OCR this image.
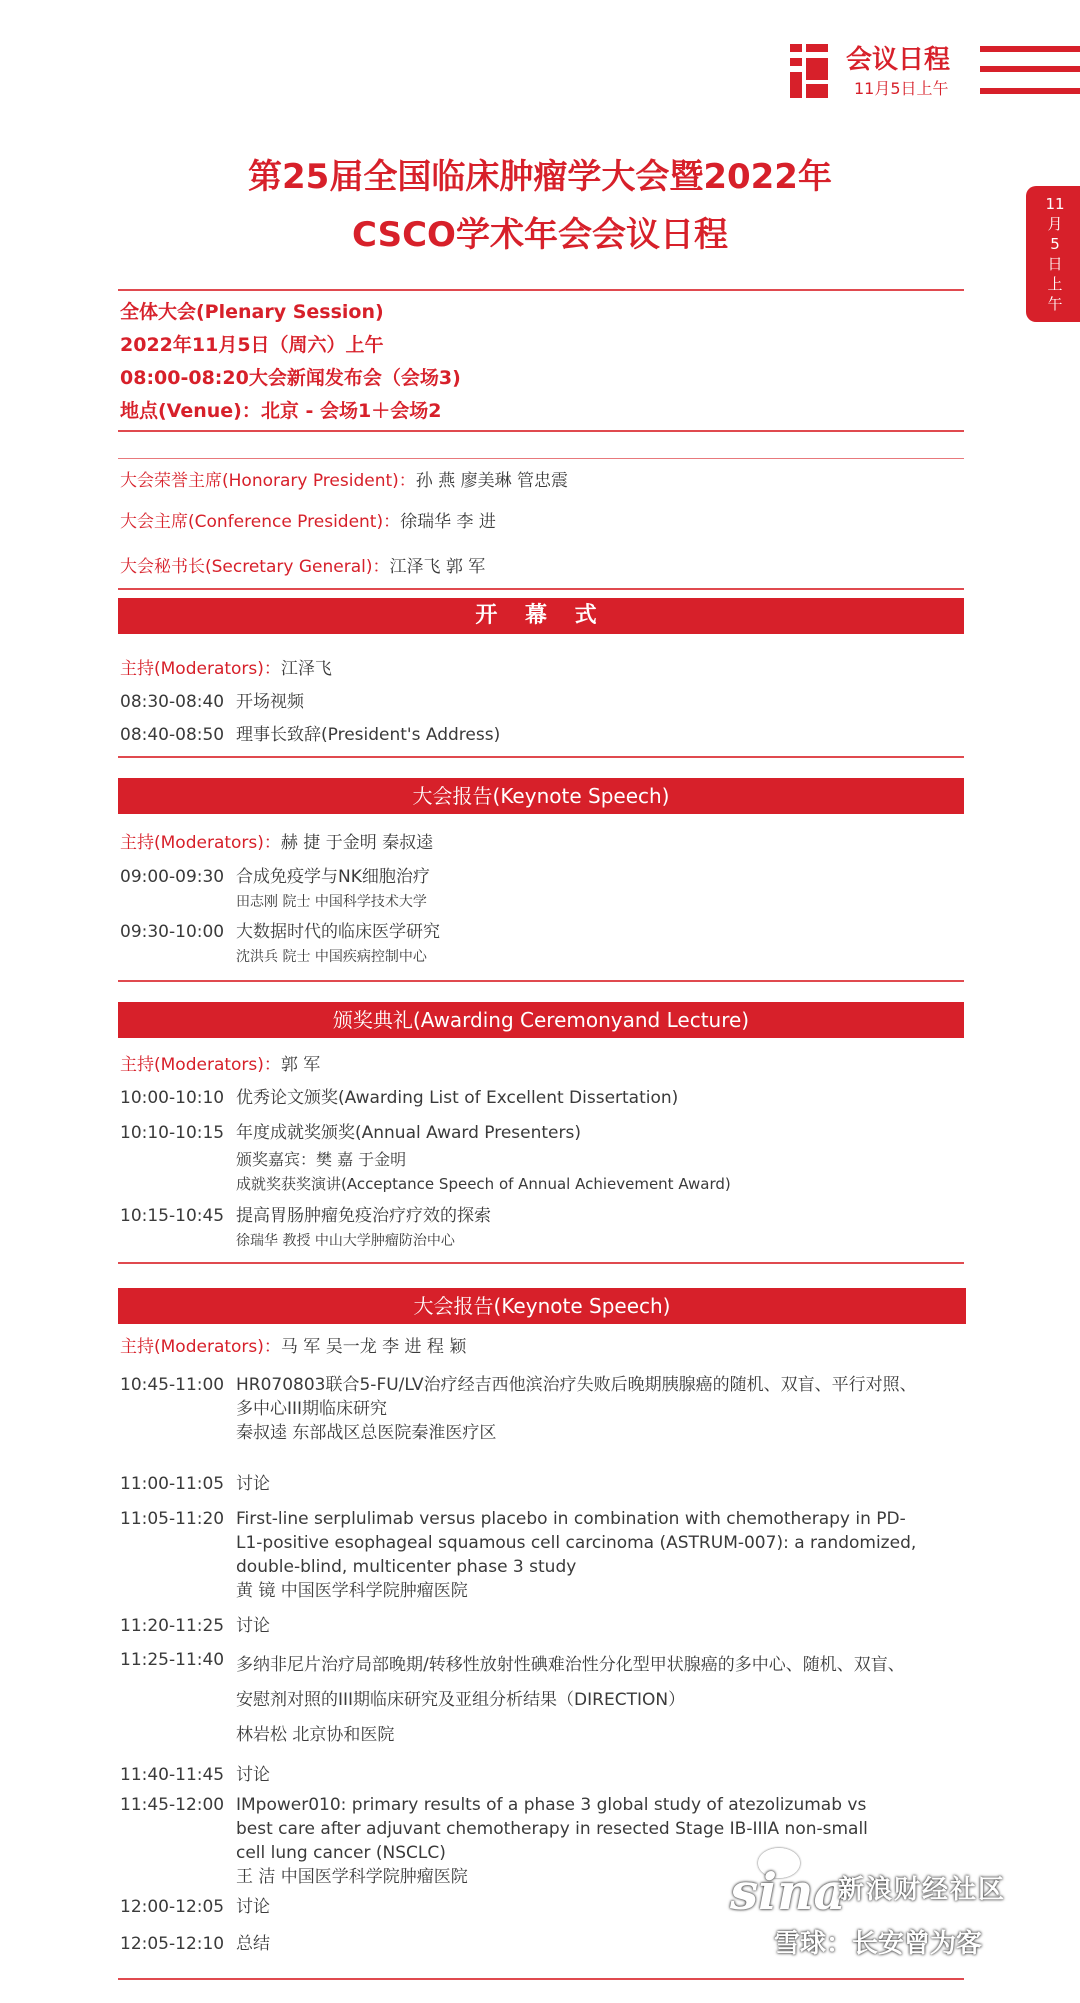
会议日程
11月5日上午
11
月
5
日
上
午
第25届全国临床肿瘤学大会暨2022年
CSCO学术年会会议日程
全体大会(Plenary Session)
2022年11月5日（周六）上午
08:00-08:20大会新闻发布会（会场3)
地点(Venue)：北京 - 会场1＋会场2
大会荣誉主席(Honorary President)：孙 燕 廖美琳 管忠震
大会主席(Conference President)：徐瑞华 李 进
大会秘书长(Secretary General)：江泽飞 郭 军
开 幕 式
主持(Moderators)：江泽飞
08:30-08:40 开场视频
08:40-08:50 理事长致辞(President's Address)
大会报告(Keynote Speech)
主持(Moderators)：赫 捷 于金明 秦叔逵
09:00-09:30 合成免疫学与NK细胞治疗
田志刚 院士 中国科学技术大学
09:30-10:00 大数据时代的临床医学研究
沈洪兵 院士 中国疾病控制中心
颁奖典礼(Awarding Ceremonyand Lecture)
主持(Moderators)：郭 军
10:00-10:10 优秀论文颁奖(Awarding List of Excellent Dissertation)
10:10-10:15 年度成就奖颁奖(Annual Award Presenters)
颁奖嘉宾：樊 嘉 于金明
成就奖获奖演讲(Acceptance Speech of Annual Achievement Award)
10:15-10:45 提高胃肠肿瘤免疫治疗疗效的探索
徐瑞华 教授 中山大学肿瘤防治中心
大会报告(Keynote Speech)
主持(Moderators)：马 军 吴一龙 李 进 程 颖
10:45-11:00 HR070803联合5-FU/LV治疗经吉西他滨治疗失败后晚期胰腺癌的随机、双盲、平行对照、
多中心III期临床研究
秦叔逵 东部战区总医院秦淮医疗区
11:00-11:05 讨论
11:05-11:20 First-line serplulimab versus placebo in combination with chemotherapy in PD-
L1-positive esophageal squamous cell carcinoma (ASTRUM-007): a randomized,
double-blind, multicenter phase 3 study
黄 镜 中国医学科学院肿瘤医院
11:20-11:25 讨论
11:25-11:40 多纳非尼片治疗局部晚期/转移性放射性碘难治性分化型甲状腺癌的多中心、随机、双盲、
安慰剂对照的III期临床研究及亚组分析结果（DIRECTION）
林岩松 北京协和医院
11:40-11:45 讨论
11:45-12:00 IMpower010: primary results of a phase 3 global study of atezolizumab vs
best care after adjuvant chemotherapy in resected Stage IB-IIIA non-small
cell lung cancer (NSCLC)
王 洁 中国医学科学院肿瘤医院
12:00-12:05 讨论
12:05-12:10 总结
sina
新浪财经社区
雪球：长安曾为客
